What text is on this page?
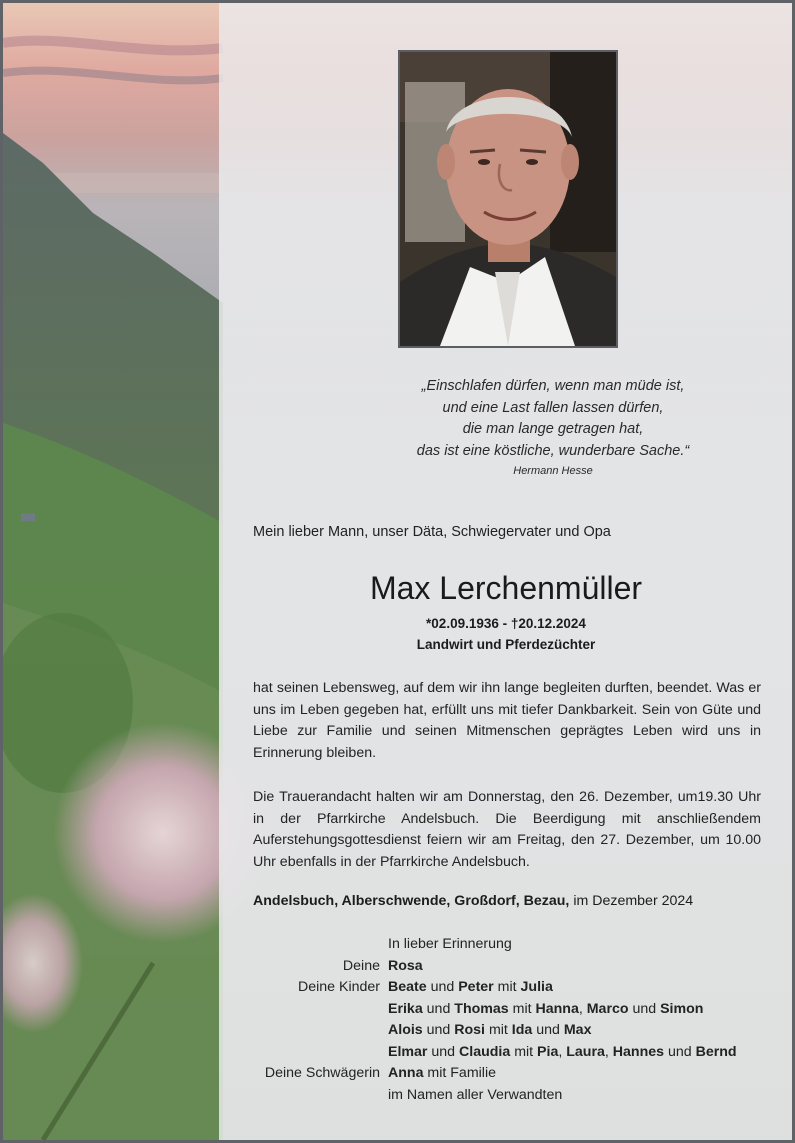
„Einschlafen dürfen, wenn man müde ist,
und eine Last fallen lassen dürfen,
die man lange getragen hat,
das ist eine köstliche, wunderbare Sache.“
Hermann Hesse
Mein lieber Mann, unser Däta, Schwiegervater und Opa
Max Lerchenmüller
*02.09.1936 - †20.12.2024
Landwirt und Pferdezüchter
hat seinen Lebensweg, auf dem wir ihn lange begleiten durften, beendet. Was er uns im Leben gegeben hat, erfüllt uns mit tiefer Dankbarkeit. Sein von Güte und Liebe zur Familie und seinen Mitmenschen geprägtes Leben wird uns in Erinnerung bleiben.
Die Trauerandacht halten wir am Donnerstag, den 26. Dezember, um19.30 Uhr in der Pfarrkirche Andelsbuch. Die Beerdigung mit anschließendem Auferstehungsgottesdienst feiern wir am Freitag, den 27. Dezember, um 10.00 Uhr ebenfalls in der Pfarrkirche Andelsbuch.
Andelsbuch, Alberschwende, Großdorf, Bezau, im Dezember 2024
In lieber Erinnerung
Deine Rosa
Deine Kinder Beate und Peter mit Julia
Erika und Thomas mit Hanna, Marco und Simon
Alois und Rosi mit Ida und Max
Elmar und Claudia mit Pia, Laura, Hannes und Bernd
Deine Schwägerin Anna mit Familie
im Namen aller Verwandten
